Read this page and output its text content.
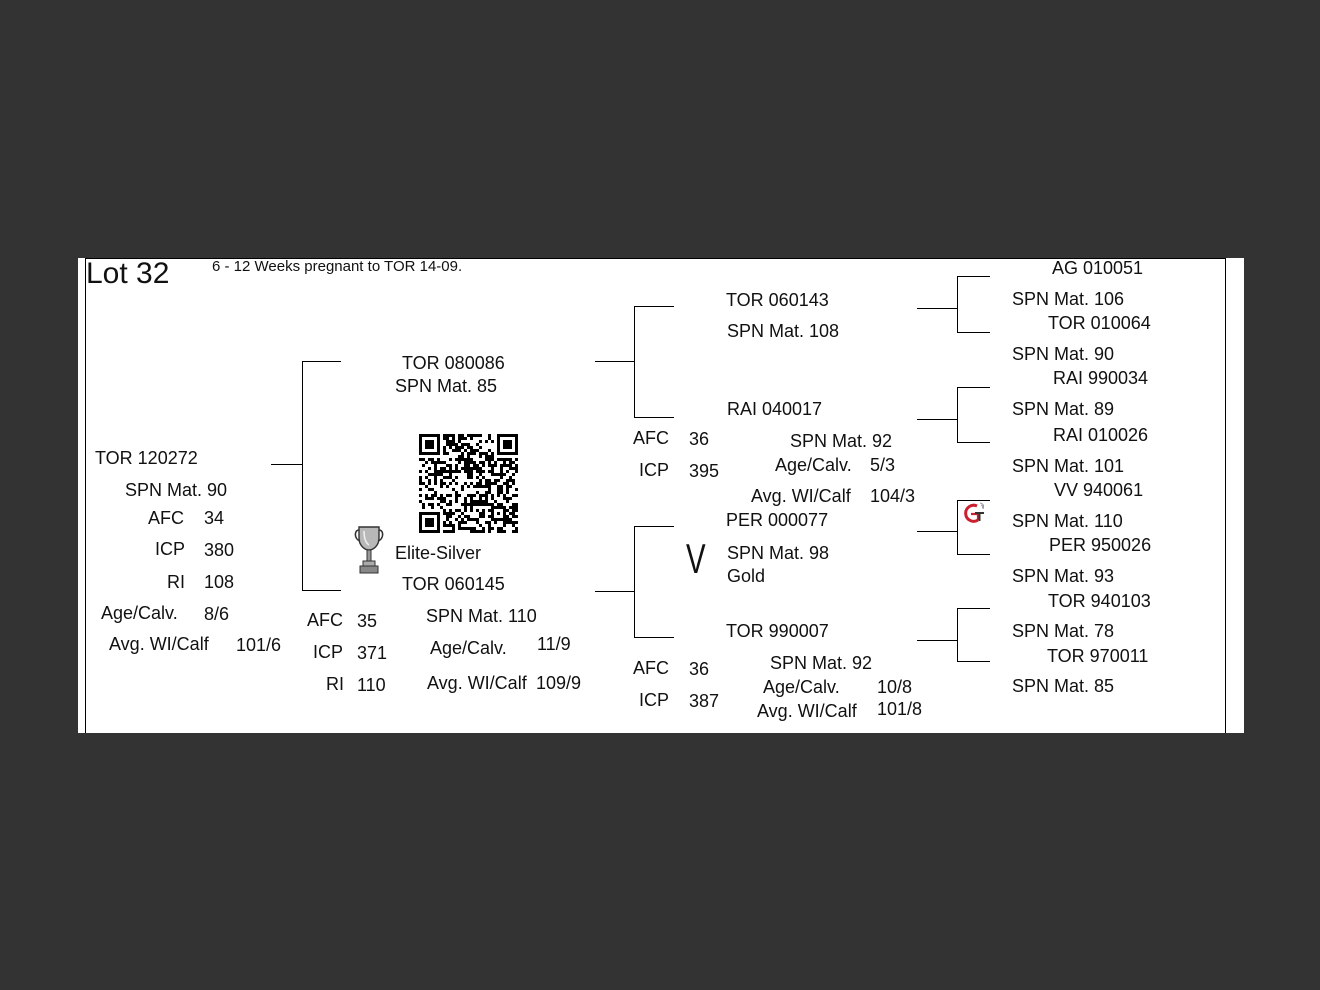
Lot 32	6 - 12 Weeks pregnant to TOR 14-09.
TOR 120272
SPN Mat. 90
AFC 34
ICP 380
RI 108
Age/Calv. 8/6
Avg. WI/Calf 101/6
TOR 080086
SPN Mat. 85
Elite-Silver
TOR 060145
SPN Mat. 110
AFC 35
ICP 371
RI 110
Age/Calv. 11/9
Avg. WI/Calf 109/9
TOR 060143
SPN Mat. 108
RAI 040017
AFC 36
ICP 395
SPN Mat. 92
Age/Calv. 5/3
Avg. WI/Calf 104/3
PER 000077
V SPN Mat. 98
Gold
TOR 990007
AFC 36
ICP 387
SPN Mat. 92
Age/Calv. 10/8
Avg. WI/Calf 101/8
AG 010051
SPN Mat. 106
TOR 010064
SPN Mat. 90
RAI 990034
SPN Mat. 89
RAI 010026
SPN Mat. 101
VV 940061
SPN Mat. 110
PER 950026
SPN Mat. 93
TOR 940103
SPN Mat. 78
TOR 970011
SPN Mat. 85
